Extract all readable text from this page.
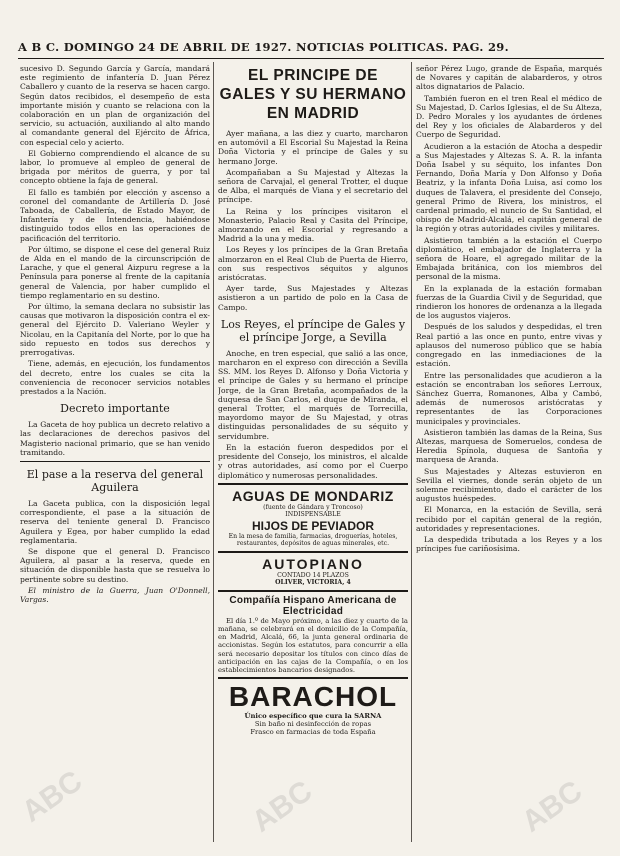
A B C. DOMINGO 24 DE ABRIL DE 1927. NOTICIAS POLITICAS. PAG. 29.

sucesivo D. Segundo García y García, mandará este regimiento de infantería D. Juan Pérez Caballero y cuanto de la reserva se hacen cargo. Según datos recibidos, el desempeño de esta importante misión y cuanto se relaciona con la colaboración en un plan de organización del servicio, su actuación, auxiliando al alto mando al comandante general del Ejército de África, con especial celo y acierto.

El Gobierno comprendiendo el alcance de su labor, lo promueve al empleo de general de brigada por méritos de guerra, y por tal concepto obtiene la faja de general.

El fallo es también por elección y ascenso a coronel del comandante de Artillería D. José Taboada, de Caballería, de Estado Mayor, de Infantería y de Intendencia, habiéndose distinguido todos ellos en las operaciones de pacificación del territorio.

Por último, se dispone el cese del general Ruiz de Alda en el mando de la circunscripción de Larache, y que el general Aizpuru regrese a la Península para ponerse al frente de la capitanía general de Valencia, por haber cumplido el tiempo reglamentario en su destino.

Por último, la semana declara no subsistir las causas que motivaron la disposición contra el ex-general del Ejército D. Valeriano Weyler y Nicolau, en la Capitanía del Norte, por lo que ha sido repuesto en todos sus derechos y prerrogativas.

Tiene, además, en ejecución, los fundamentos del decreto, entre los cuales se cita la conveniencia de reconocer servicios notables prestados a la Nación.

Decreto importante

La Gaceta de hoy publica un decreto relativo a las declaraciones de derechos pasivos del Magisterio nacional primario, que se han venido tramitando.

El pase a la reserva del general Aguilera

La Gaceta publica, con la disposición legal correspondiente, el pase a la situación de reserva del teniente general D. Francisco Aguilera y Egea, por haber cumplido la edad reglamentaria.

Se dispone que el general D. Francisco Aguilera, al pasar a la reserva, quede en situación de disponible hasta que se resuelva lo pertinente sobre su destino.

El ministro de la Guerra, Juan O'Donnell, Vargas.

EL PRINCIPE DE GALES Y SU HERMANO EN MADRID

Ayer mañana, a las diez y cuarto, marcharon en automóvil a El Escorial Su Majestad la Reina Doña Victoria y el príncipe de Gales y su hermano Jorge.

Acompañaban a Su Majestad y Altezas la señora de Carvajal, el general Trotter, el duque de Alba, el marqués de Viana y el secretario del príncipe.

La Reina y los príncipes visitaron el Monasterio, Palacio Real y Casita del Príncipe, almorzando en el Escorial y regresando a Madrid a la una y media.

Los Reyes y los príncipes de la Gran Bretaña almorzaron en el Real Club de Puerta de Hierro, con sus respectivos séquitos y algunos aristócratas.

Ayer tarde, Sus Majestades y Altezas asistieron a un partido de polo en la Casa de Campo.

Los Reyes, el príncipe de Gales y el príncipe Jorge, a Sevilla

Anoche, en tren especial, que salió a las once, marcharon en el expreso con dirección a Sevilla SS. MM. los Reyes D. Alfonso y Doña Victoria y el príncipe de Gales y su hermano el príncipe Jorge, de la Gran Bretaña, acompañados de la duquesa de San Carlos, el duque de Miranda, el general Trotter, el marqués de Torrecilla, mayordomo mayor de Su Majestad, y otras distinguidas personalidades de su séquito y servidumbre.

En la estación fueron despedidos por el presidente del Consejo, los ministros, el alcalde y otras autoridades, así como por el Cuerpo diplomático y numerosas personalidades.

AGUAS DE MONDARIZ
(fuente de Gándara y Troncoso)
INDISPENSABLE
HIJOS DE PEVIADOR
En la mesa de familia, farmacias, droguerías, hoteles, restaurantes, depósitos de aguas minerales, etc.
AUTOPIANO
CONTADO 14 PLAZOS
OLIVER, VICTORIA, 4
Compañía Hispano Americana de Electricidad

El día 1.º de Mayo próximo, a las diez y cuarto de la mañana, se celebrará en el domicilio de la Compañía, en Madrid, Alcalá, 66, la junta general ordinaria de accionistas. Según los estatutos, para concurrir a ella será necesario depositar los títulos con cinco días de anticipación en las cajas de la Compañía, o en los establecimientos bancarios designados.

BARACHOL
Único específico que cura la SARNA
Sin baño ni desinfección de ropas
Frasco en farmacias de toda España

señor Pérez Lugo, grande de España, marqués de Novares y capitán de alabarderos, y otros altos dignatarios de Palacio.

También fueron en el tren Real el médico de Su Majestad, D. Carlos Iglesias, el de Su Alteza, D. Pedro Morales y los ayudantes de órdenes del Rey y los oficiales de Alabarderos y del Cuerpo de Seguridad.

Acudieron a la estación de Atocha a despedir a Sus Majestades y Altezas S. A. R. la infanta Doña Isabel y su séquito, los infantes Don Fernando, Doña María y Don Alfonso y Doña Beatriz, y la infanta Doña Luisa, así como los duques de Talavera, el presidente del Consejo, general Primo de Rivera, los ministros, el cardenal primado, el nuncio de Su Santidad, el obispo de Madrid-Alcalá, el capitán general de la región y otras autoridades civiles y militares.

Asistieron también a la estación el Cuerpo diplomático, el embajador de Inglaterra y la señora de Hoare, el agregado militar de la Embajada británica, con los miembros del personal de la misma.

En la explanada de la estación formaban fuerzas de la Guardia Civil y de Seguridad, que rindieron los honores de ordenanza a la llegada de los augustos viajeros.

Después de los saludos y despedidas, el tren Real partió a las once en punto, entre vivas y aplausos del numeroso público que se había congregado en las inmediaciones de la estación.

Entre las personalidades que acudieron a la estación se encontraban los señores Lerroux, Sánchez Guerra, Romanones, Alba y Cambó, además de numerosos aristócratas y representantes de las Corporaciones municipales y provinciales.

Asistieron también las damas de la Reina, Sus Altezas, marquesa de Someruelos, condesa de Heredia Spínola, duquesa de Santoña y marquesa de Aranda.

Sus Majestades y Altezas estuvieron en Sevilla el viernes, donde serán objeto de un solemne recibimiento, dado el carácter de los augustos huéspedes.

El Monarca, en la estación de Sevilla, será recibido por el capitán general de la región, autoridades y representaciones.

La despedida tributada a los Reyes y a los príncipes fue cariñosísima.

ABC	ABC	ABC
